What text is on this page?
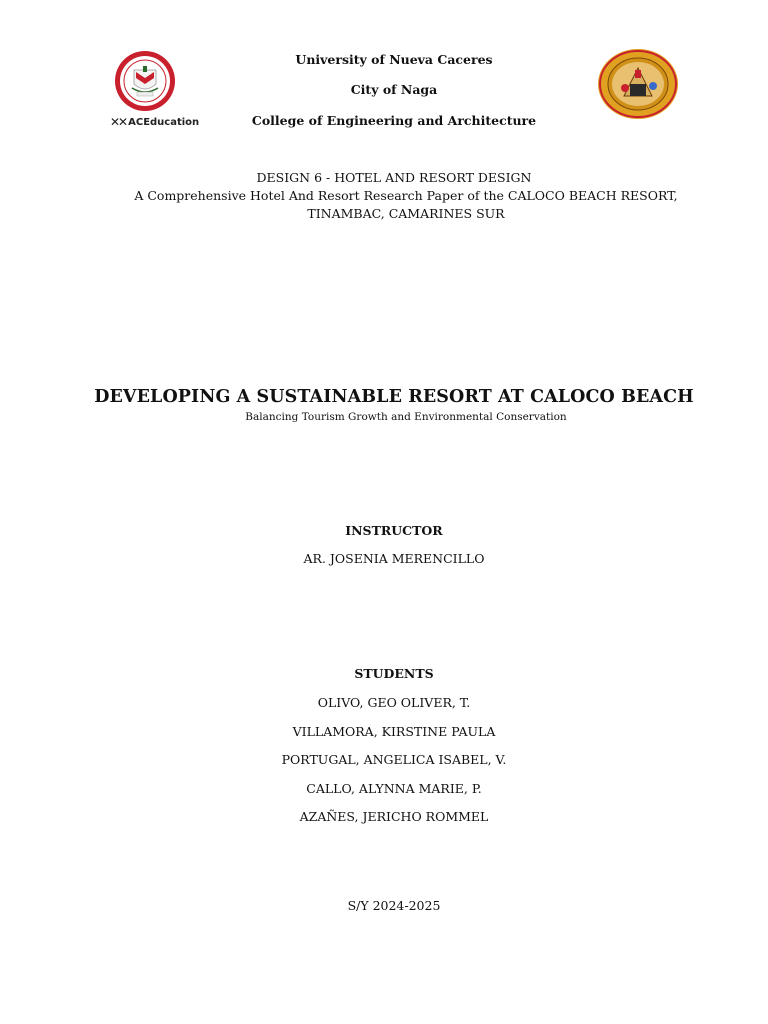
✕✕ ACEducation
University of Nueva Caceres
City of Naga
College of Engineering and Architecture
DESIGN 6 - HOTEL AND RESORT DESIGN
A Comprehensive Hotel And Resort Research Paper of the CALOCO BEACH RESORT,
TINAMBAC, CAMARINES SUR
DEVELOPING A SUSTAINABLE RESORT AT CALOCO BEACH
Balancing Tourism Growth and Environmental Conservation
INSTRUCTOR
AR. JOSENIA MERENCILLO
STUDENTS
OLIVO, GEO OLIVER, T.
VILLAMORA, KIRSTINE PAULA
PORTUGAL, ANGELICA ISABEL, V.
CALLO, ALYNNA MARIE, P.
AZAÑES, JERICHO ROMMEL
S/Y 2024-2025
